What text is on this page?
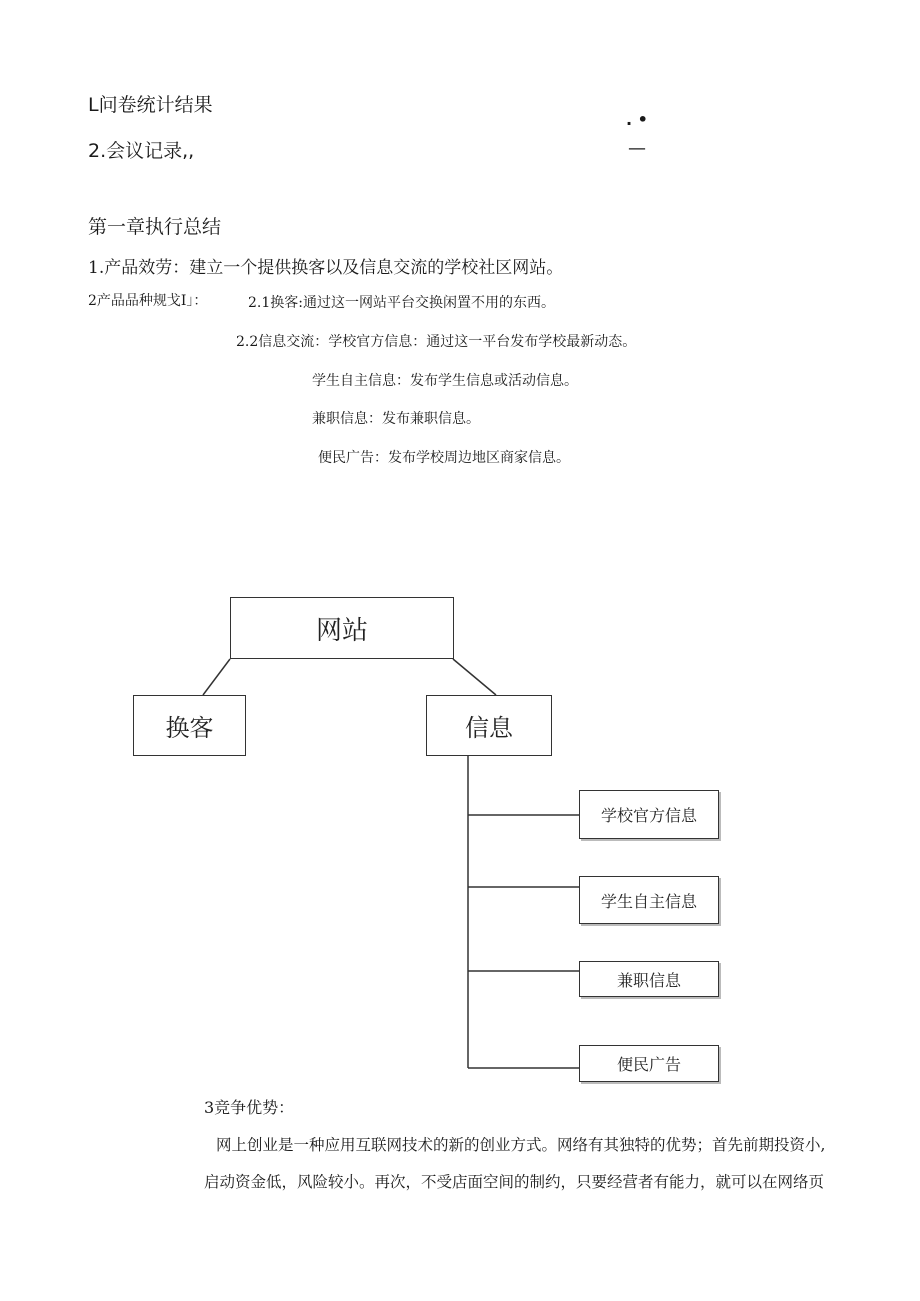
L问卷统计结果
2.会议记录,,
. •
—
第一章执行总结
1.产品效劳：建立一个提供换客以及信息交流的学校社区网站。
2产品品种规戈I」：	2.1换客:通过这一网站平台交换闲置不用的东西。
2.2信息交流：学校官方信息：通过这一平台发布学校最新动态。
学生自主信息：发布学生信息或活动信息。
兼职信息：发布兼职信息。
便民广告：发布学校周边地区商家信息。
网站
换客	信息
学校官方信息
学生自主信息
兼职信息
便民广告
3竞争优势：
网上创业是一种应用互联网技术的新的创业方式。网络有其独特的优势；首先前期投资小,
启动资金低，风险较小。再次，不受店面空间的制约，只要经营者有能力，就可以在网络页
